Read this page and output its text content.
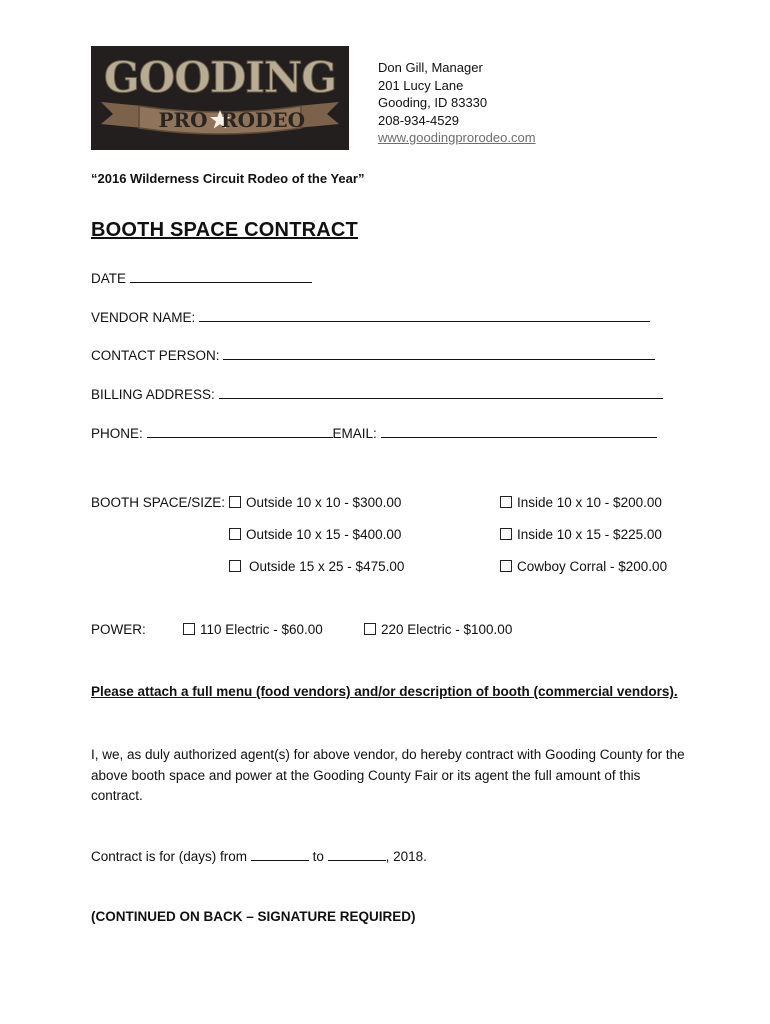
GOODING
PRO RODEO
Don Gill, Manager
201 Lucy Lane
Gooding, ID 83330
208-934-4529
www.goodingprorodeo.com
“2016 Wilderness Circuit Rodeo of the Year”
BOOTH SPACE CONTRACT
DATE
VENDOR NAME:
CONTACT PERSON:
BILLING ADDRESS:
PHONE:	EMAIL:
BOOTH SPACE/SIZE:	Outside 10 x 10 - $300.00	Inside 10 x 10 - $200.00
Outside 10 x 15 - $400.00	Inside 10 x 15 - $225.00
Outside 15 x 25 - $475.00	Cowboy Corral - $200.00
POWER:	110 Electric - $60.00	220 Electric - $100.00
Please attach a full menu (food vendors) and/or description of booth (commercial vendors).
I, we, as duly authorized agent(s) for above vendor, do hereby contract with Gooding County for the above booth space and power at the Gooding County Fair or its agent the full amount of this contract.
Contract is for (days) from	to	, 2018.
(CONTINUED ON BACK – SIGNATURE REQUIRED)
